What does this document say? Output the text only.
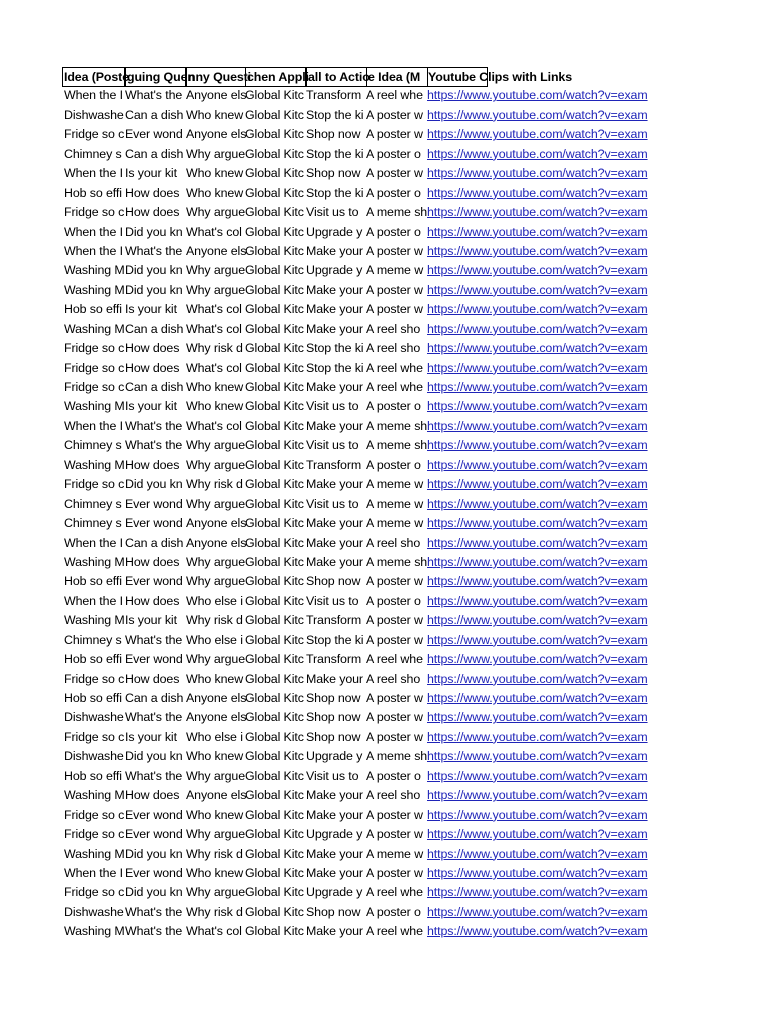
Idea (Poste
guing Quen
nny Questi
chen Appli all to Actio
e Idea (M Youtube Clips with Links
When the I What's the Anyone els
Global Kitc Transform A reel whe https://www.youtube.com/watch?v=exam
Dishwashe Can a dish Who knew Global Kitc Stop the ki A poster w https://www.youtube.com/watch?v=exam
Fridge so c Ever wond Anyone els
Global Kitc Shop now A poster w https://www.youtube.com/watch?v=exam
Chimney s Can a dish Why argue Global Kitc Stop the ki A poster o https://www.youtube.com/watch?v=exam
When the I Is your kit Who knew Global Kitc Shop now A poster w https://www.youtube.com/watch?v=exam
Hob so effi How does Who knew Global Kitc Stop the ki A poster o https://www.youtube.com/watch?v=exam
Fridge so c How does Why argue Global Kitc Visit us to A meme sh https://www.youtube.com/watch?v=exam
When the I Did you kn What's col Global Kitc Upgrade y A poster o https://www.youtube.com/watch?v=exam
When the I What's the Anyone els
Global Kitc Make your A poster w https://www.youtube.com/watch?v=exam
Washing M Did you kn Why argue Global Kitc Upgrade y A meme w https://www.youtube.com/watch?v=exam
Washing M Did you kn Why argue Global Kitc Make your A poster w https://www.youtube.com/watch?v=exam
Hob so effi Is your kit What's col Global Kitc Make your A poster w https://www.youtube.com/watch?v=exam
Washing M Can a dish What's col Global Kitc Make your A reel sho https://www.youtube.com/watch?v=exam
Fridge so c How does Why risk d Global Kitc Stop the ki A reel sho https://www.youtube.com/watch?v=exam
Fridge so c How does What's col Global Kitc Stop the ki A reel whe https://www.youtube.com/watch?v=exam
Fridge so c Can a dish Who knew Global Kitc Make your A reel whe https://www.youtube.com/watch?v=exam
Washing M Is your kit Who knew Global Kitc Visit us to A poster o https://www.youtube.com/watch?v=exam
When the I What's the What's col Global Kitc Make your A meme sh https://www.youtube.com/watch?v=exam
Chimney s What's the Why argue Global Kitc Visit us to A meme sh https://www.youtube.com/watch?v=exam
Washing M How does Why argue Global Kitc Transform A poster o https://www.youtube.com/watch?v=exam
Fridge so c Did you kn Why risk d Global Kitc Make your A meme w https://www.youtube.com/watch?v=exam
Chimney s Ever wond Why argue Global Kitc Visit us to A meme w https://www.youtube.com/watch?v=exam
Chimney s Ever wond Anyone els
Global Kitc Make your A meme w https://www.youtube.com/watch?v=exam
When the I Can a dish Anyone els
Global Kitc Make your A reel sho https://www.youtube.com/watch?v=exam
Washing M How does Why argue Global Kitc Make your A meme sh https://www.youtube.com/watch?v=exam
Hob so effi Ever wond Why argue Global Kitc Shop now A poster w https://www.youtube.com/watch?v=exam
When the I How does Who else i Global Kitc Visit us to A poster o https://www.youtube.com/watch?v=exam
Washing M Is your kit Why risk d Global Kitc Transform A poster w https://www.youtube.com/watch?v=exam
Chimney s What's the Who else i Global Kitc Stop the ki A poster w https://www.youtube.com/watch?v=exam
Hob so effi Ever wond Why argue Global Kitc Transform A reel whe https://www.youtube.com/watch?v=exam
Fridge so c How does Who knew Global Kitc Make your A reel sho https://www.youtube.com/watch?v=exam
Hob so effi Can a dish Anyone els
Global Kitc Shop now A poster w https://www.youtube.com/watch?v=exam
Dishwashe What's the Anyone els
Global Kitc Shop now A poster w https://www.youtube.com/watch?v=exam
Fridge so c Is your kit Who else i Global Kitc Shop now A poster w https://www.youtube.com/watch?v=exam
Dishwashe Did you kn Who knew Global Kitc Upgrade y A meme sh https://www.youtube.com/watch?v=exam
Hob so effi What's the Why argue Global Kitc Visit us to A poster o https://www.youtube.com/watch?v=exam
Washing M How does Anyone els
Global Kitc Make your A reel sho https://www.youtube.com/watch?v=exam
Fridge so c Ever wond Who knew Global Kitc Make your A poster w https://www.youtube.com/watch?v=exam
Fridge so c Ever wond Why argue Global Kitc Upgrade y A poster w https://www.youtube.com/watch?v=exam
Washing M Did you kn Why risk d Global Kitc Make your A meme w https://www.youtube.com/watch?v=exam
When the I Ever wond Who knew Global Kitc Make your A poster w https://www.youtube.com/watch?v=exam
Fridge so c Did you kn Why argue Global Kitc Upgrade y A reel whe https://www.youtube.com/watch?v=exam
Dishwashe What's the Why risk d Global Kitc Shop now A poster o https://www.youtube.com/watch?v=exam
Washing M What's the What's col Global Kitc Make your A reel whe https://www.youtube.com/watch?v=exam
